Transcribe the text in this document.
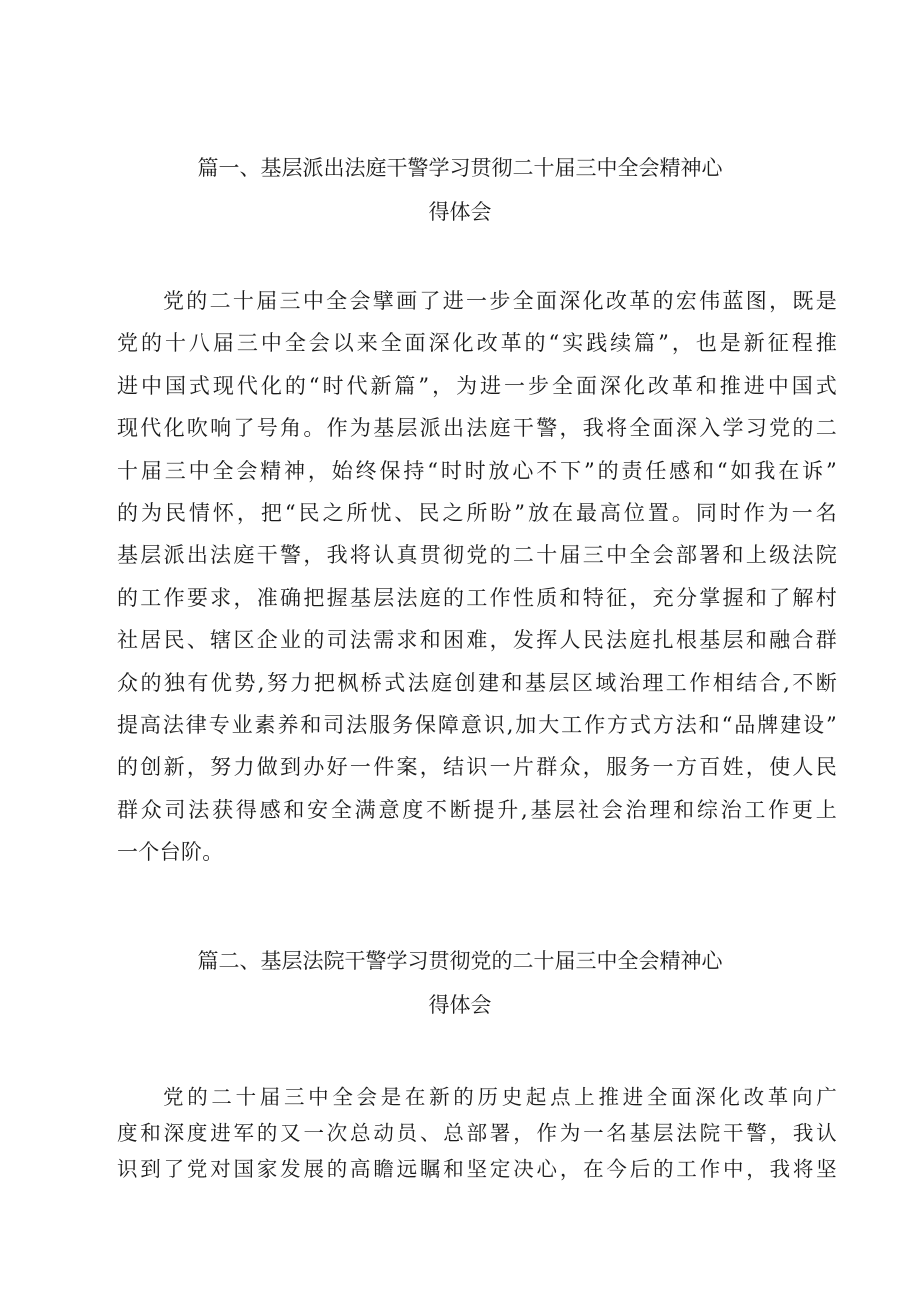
篇一、基层派出法庭干警学习贯彻二十届三中全会精神心
得体会
党的二十届三中全会擘画了进一步全面深化改革的宏伟蓝图，既是
党的十八届三中全会以来全面深化改革的“实践续篇”，也是新征程推
进中国式现代化的“时代新篇”，为进一步全面深化改革和推进中国式
现代化吹响了号角。作为基层派出法庭干警，我将全面深入学习党的二
十届三中全会精神，始终保持“时时放心不下”的责任感和“如我在诉”
的为民情怀，把“民之所忧、民之所盼”放在最高位置。同时作为一名
基层派出法庭干警，我将认真贯彻党的二十届三中全会部署和上级法院
的工作要求，准确把握基层法庭的工作性质和特征，充分掌握和了解村
社居民、辖区企业的司法需求和困难，发挥人民法庭扎根基层和融合群
众的独有优势,努力把枫桥式法庭创建和基层区域治理工作相结合,不断
提高法律专业素养和司法服务保障意识,加大工作方式方法和“品牌建设”
的创新，努力做到办好一件案，结识一片群众，服务一方百姓，使人民
群众司法获得感和安全满意度不断提升,基层社会治理和综治工作更上
一个台阶。
篇二、基层法院干警学习贯彻党的二十届三中全会精神心
得体会
党的二十届三中全会是在新的历史起点上推进全面深化改革向广
度和深度进军的又一次总动员、总部署，作为一名基层法院干警，我认
识到了党对国家发展的高瞻远瞩和坚定决心，在今后的工作中，我将坚
